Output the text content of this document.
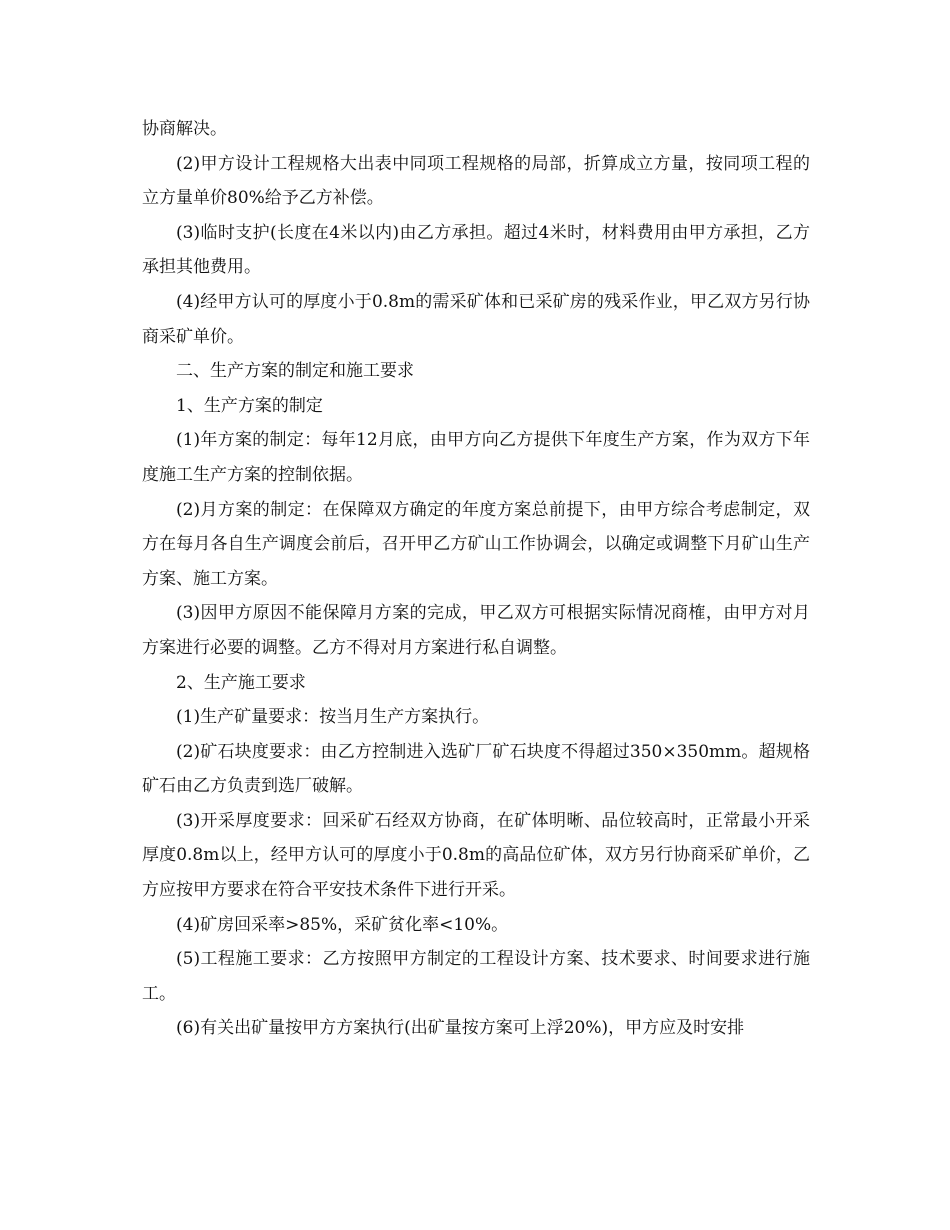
协商解决。

(2)甲方设计工程规格大出表中同项工程规格的局部，折算成立方量，按同项工程的立方量单价80%给予乙方补偿。

(3)临时支护(长度在4米以内)由乙方承担。超过4米时，材料费用由甲方承担，乙方承担其他费用。

(4)经甲方认可的厚度小于0.8m的需采矿体和已采矿房的残采作业，甲乙双方另行协商采矿单价。

二、生产方案的制定和施工要求

1、生产方案的制定

(1)年方案的制定：每年12月底，由甲方向乙方提供下年度生产方案，作为双方下年度施工生产方案的控制依据。

(2)月方案的制定：在保障双方确定的年度方案总前提下，由甲方综合考虑制定，双方在每月各自生产调度会前后，召开甲乙方矿山工作协调会，以确定或调整下月矿山生产方案、施工方案。

(3)因甲方原因不能保障月方案的完成，甲乙双方可根据实际情况商榷，由甲方对月方案进行必要的调整。乙方不得对月方案进行私自调整。

2、生产施工要求

(1)生产矿量要求：按当月生产方案执行。

(2)矿石块度要求：由乙方控制进入选矿厂矿石块度不得超过350×350mm。超规格矿石由乙方负责到选厂破解。

(3)开采厚度要求：回采矿石经双方协商，在矿体明晰、品位较高时，正常最小开采厚度0.8m以上，经甲方认可的厚度小于0.8m的高品位矿体，双方另行协商采矿单价，乙方应按甲方要求在符合平安技术条件下进行开采。

(4)矿房回采率>85%，采矿贫化率<10%。

(5)工程施工要求：乙方按照甲方制定的工程设计方案、技术要求、时间要求进行施工。

(6)有关出矿量按甲方方案执行(出矿量按方案可上浮20%)，甲方应及时安排
